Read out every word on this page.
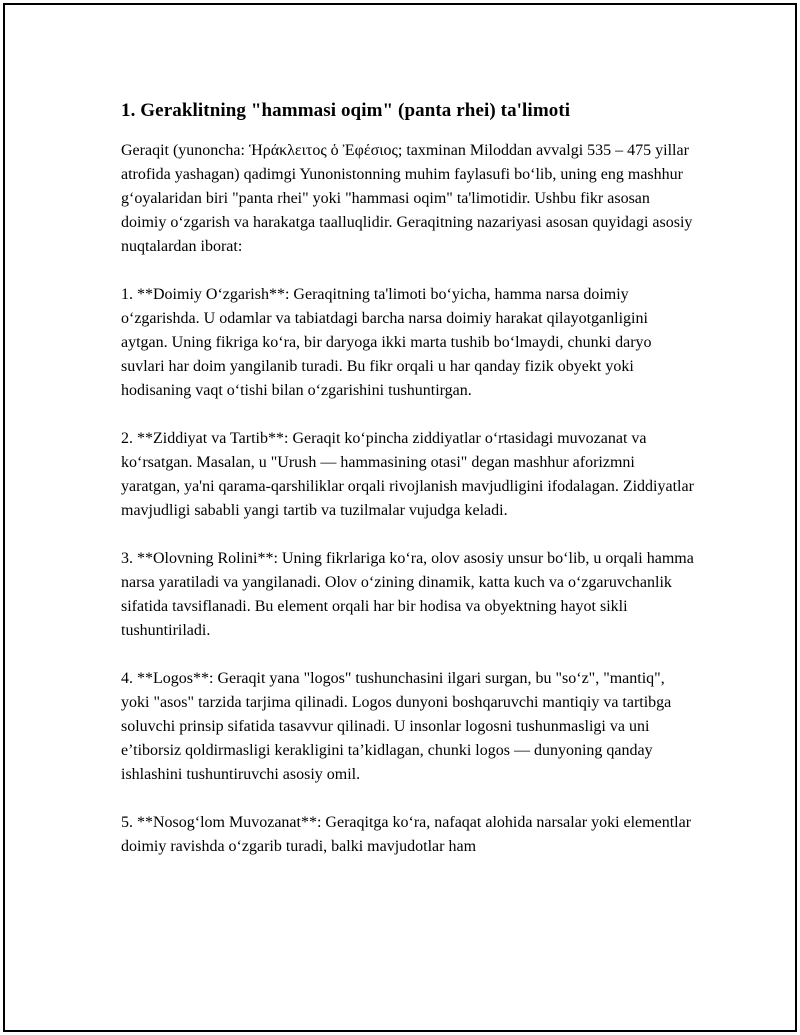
1. Geraklitning "hammasi oqim" (panta rhei) ta'limoti

Geraqit (yunoncha: Ἡράκλειτος ὁ Ἐφέσιος; taxminan Miloddan avvalgi 535 – 475 yillar atrofida yashagan) qadimgi Yunonistonning muhim faylasufi boʻlib, uning eng mashhur gʻoyalaridan biri "panta rhei" yoki "hammasi oqim" ta'limotidir. Ushbu fikr asosan doimiy oʻzgarish va harakatga taalluqlidir. Geraqitning nazariyasi asosan quyidagi asosiy nuqtalardan iborat:

1. **Doimiy Oʻzgarish**: Geraqitning ta'limoti boʻyicha, hamma narsa doimiy oʻzgarishda. U odamlar va tabiatdagi barcha narsa doimiy harakat qilayotganligini aytgan. Uning fikriga koʻra, bir daryoga ikki marta tushib boʻlmaydi, chunki daryo suvlari har doim yangilanib turadi. Bu fikr orqali u har qanday fizik obyekt yoki hodisaning vaqt oʻtishi bilan oʻzgarishini tushuntirgan.

2. **Ziddiyat va Tartib**: Geraqit koʻpincha ziddiyatlar oʻrtasidagi muvozanat va koʻrsatgan. Masalan, u "Urush — hammasining otasi" degan mashhur aforizmni yaratgan, ya'ni qarama-qarshiliklar orqali rivojlanish mavjudligini ifodalagan. Ziddiyatlar mavjudligi sababli yangi tartib va tuzilmalar vujudga keladi.

3. **Olovning Rolini**: Uning fikrlariga koʻra, olov asosiy unsur boʻlib, u orqali hamma narsa yaratiladi va yangilanadi. Olov oʻzining dinamik, katta kuch va oʻzgaruvchanlik sifatida tavsiflanadi. Bu element orqali har bir hodisa va obyektning hayot sikli tushuntiriladi.

4. **Logos**: Geraqit yana "logos" tushunchasini ilgari surgan, bu "soʻz", "mantiq", yoki "asos" tarzida tarjima qilinadi. Logos dunyoni boshqaruvchi mantiqiy va tartibga soluvchi prinsip sifatida tasavvur qilinadi. U insonlar logosni tushunmasligi va uni e’tiborsiz qoldirmasligi kerakligini ta’kidlagan, chunki logos — dunyoning qanday ishlashini tushuntiruvchi asosiy omil.

5. **Nosogʻlom Muvozanat**: Geraqitga koʻra, nafaqat alohida narsalar yoki elementlar doimiy ravishda oʻzgarib turadi, balki mavjudotlar ham
